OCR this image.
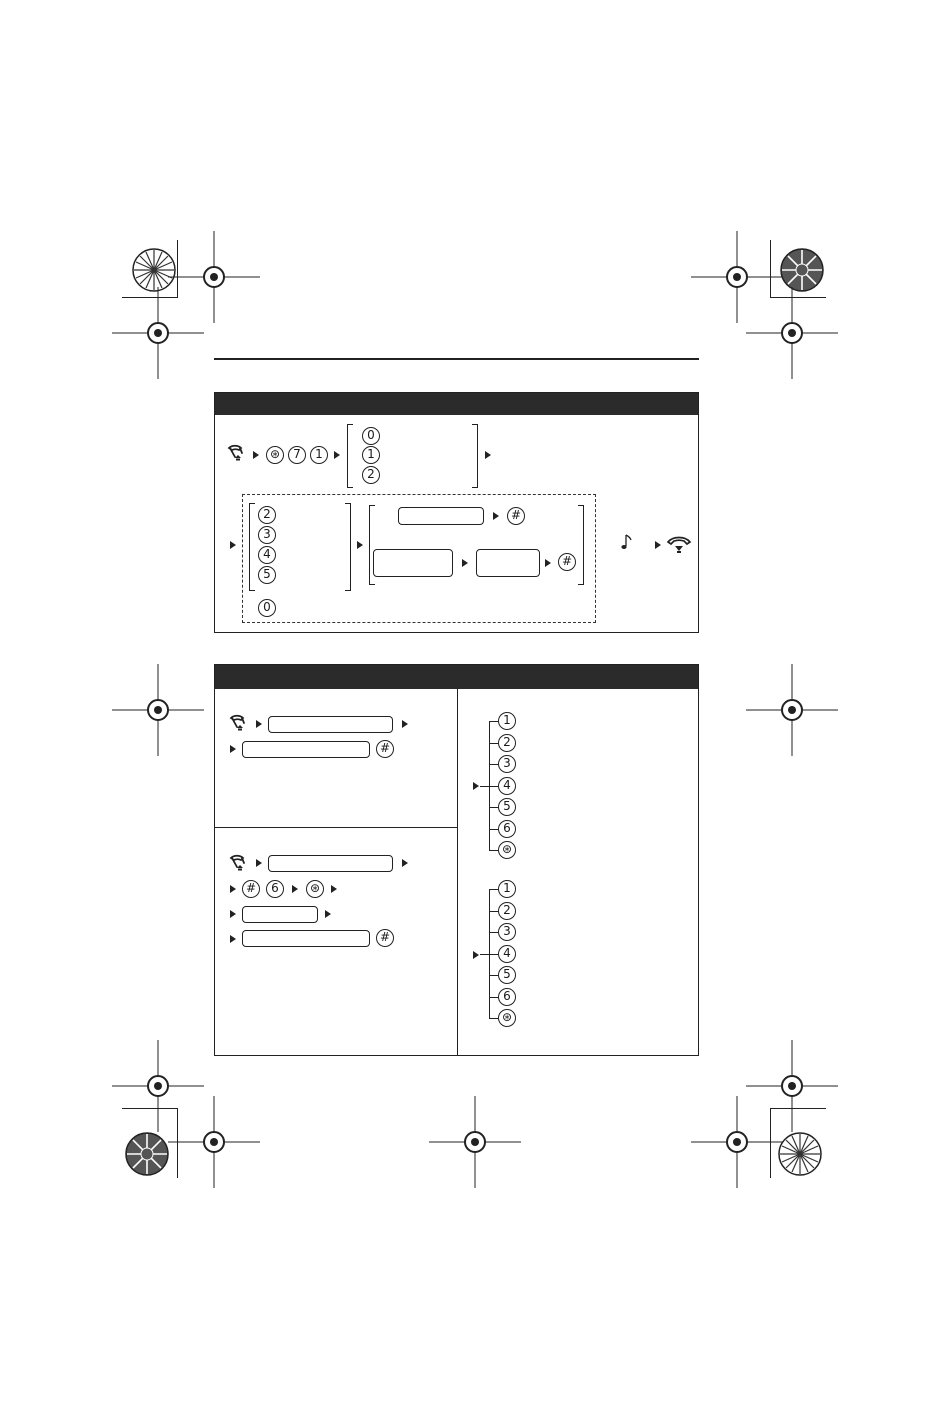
⊛	7	1
0
1
2
2
3
4
5
0
#
#
#
#	6	⊛
#
1
2
3
4
5
6
⊛
1
2
3
4
5
6
⊛
